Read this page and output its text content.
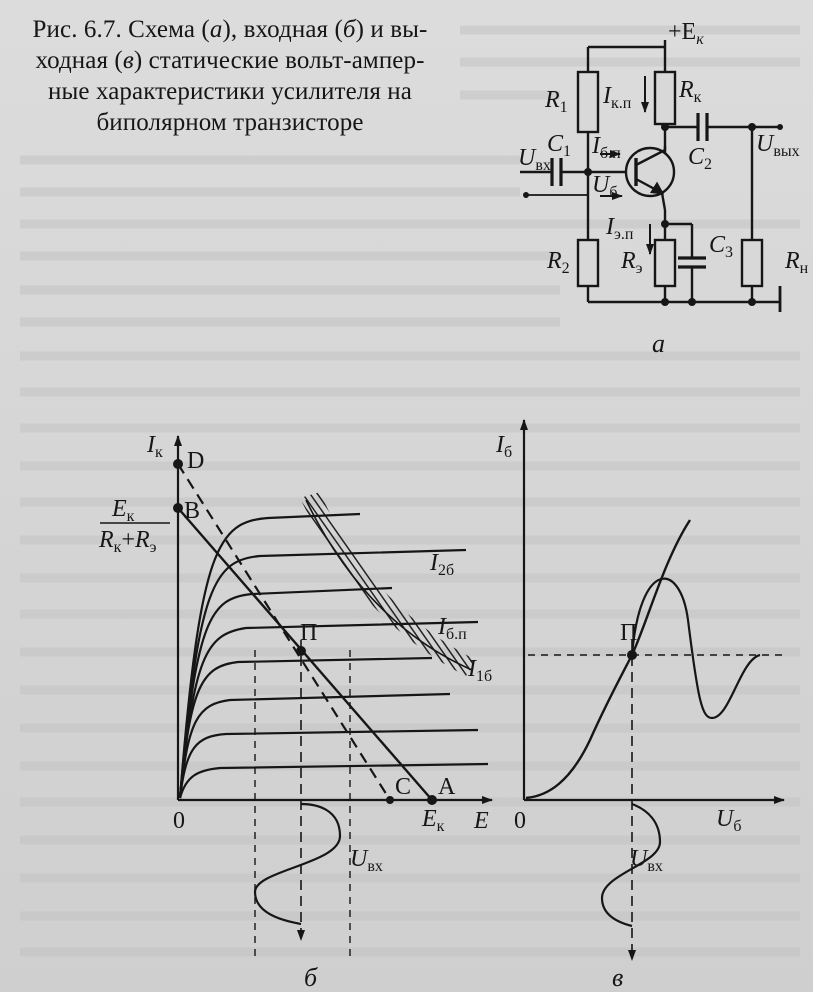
Рис. 6.7. Схема (а), входная (б) и вы-
ходная (в) статические вольт-ампер-
ные характеристики усилителя на
биполярном транзисторе
$+E_к$
$R_1$ $I_{к.п}$
$R_к$
$C_1$ $I_{б.п}$
$U_{вх}$	$C_2$
$U_{вых}$
$U_б$
$I_{э.п}$	$C_3$
$R_2$ $R_э$	$R_н$
а
$I_к$ D
B
$E_к$
$R_к+R_э$
$I_{2б}$
П	$I_{б.п}$
$I_{1б}$
C A
0	$E_к$ E
$U_{вх}$
б
$I_б$
П
0	$U_б$
$U_{вх}$
в
